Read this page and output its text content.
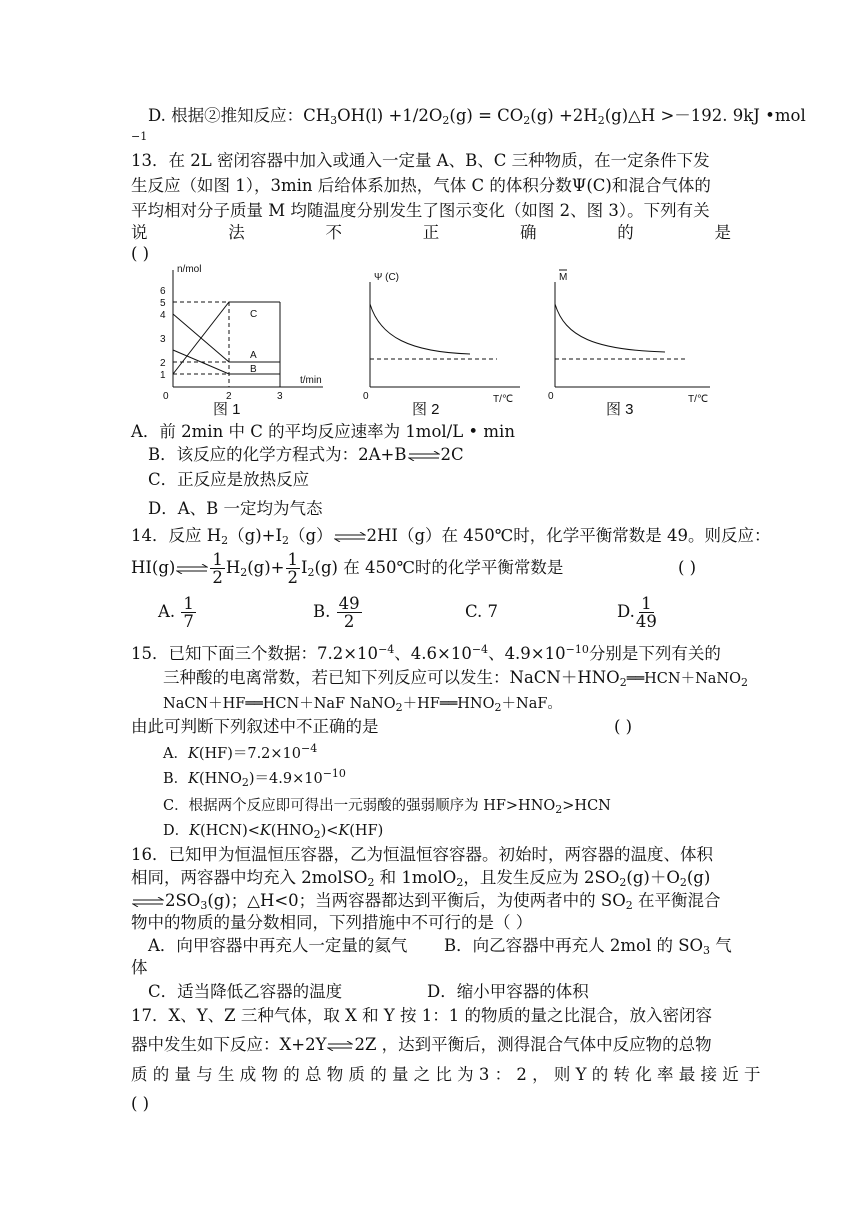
D. 根据②推知反应：$CH_3OH(l) +1/2O_2(g) = CO_2(g)$ $+2H_2(g)\triangle H >-192$. 9kJ •mol
−1
13．在 2L 密闭容器中加入或通入一定量 A、B、C 三种物质，在一定条件下发
生反应（如图 1），3min 后给体系加热，气体 C 的体积分数Ψ(C)和混合气体的
平均相对分子质量 M 均随温度分别发生了图示变化（如图 2、图 3）。下列有关
说	法	不	正	确	的	是
( )
n/mol
5
2
1
6
4
3
0	2	3
t/min
C
A
B
图 1
Ψ (C)
0	T/℃
图 2
M
0	T/℃
图 3
A．前 2min 中 C 的平均反应速率为 1mol/L • min
B．该反应的化学方程式为：2A+B⇌2C
C．正反应是放热反应
D．A、B 一定均为气态
14．反应 $H_2(g)+I_2(g)\rightleftharpoons 2HI(g)$在 450℃时，化学平衡常数是 49。则反应：
HI(g)⇌ $\frac{1}{2} H_2(g)+ \frac{1}{2} I_2(g)$ 在 450℃时的化学平衡常数是	( )
A. $\frac{1}{7}$	B. $\frac{49}{2}$	C. 7	D. $\frac{1}{49}$
15．已知下面三个数据：$7.2\times 10^{-4}$、$4.6\times 10^{-4}$、$4.9\times 10^{-10}$分别是下列有关的
三种酸的电离常数，若已知下列反应可以发生：$NaCN+HNO_2══HCN+NaNO_2$
NaCN＋HF══HCN＋NaF $NaNO_2+HF══HNO_2+NaF$。
由此可判断下列叙述中不正确的是	( )
A．$K(HF)=7.2\times 10^{-4}$
B．$K(HNO_2)=4.9\times 10^{-10}$
C．根据两个反应即可得出一元弱酸的强弱顺序为 $HF>HNO_2>HCN$
D．$K(HCN)<K(HNO_2)<K(HF)$
16．已知甲为恒温恒压容器，乙为恒温恒容容器。初始时，两容器的温度、体积
相同，两容器中均充入 2molSO$_2$ 和 1molO$_2$，且发生反应为 $2SO_2(g)+O_2(g)$
$\rightleftharpoons 2SO_3(g)$；△H<0；当两容器都达到平衡后，为使两者中的 $SO_2$ 在平衡混合
物中的物质的量分数相同，下列措施中不可行的是（ ）
A．向甲容器中再充人一定量的氦气 B．向乙容器中再充人 2mol 的 $SO_3$ 气
体
C．适当降低乙容器的温度	D．缩小甲容器的体积
17．X、Y、Z 三种气体，取 X 和 Y 按 1：1 的物质的量之比混合，放入密闭容
器中发生如下反应：X+2Y⇌2Z ，达到平衡后，测得混合气体中反应物的总物
质 的 量 与 生 成 物 的 总 物 质 的 量 之 比 为 3 ： 2 ， 则 Y 的 转 化 率 最 接 近 于
( )
